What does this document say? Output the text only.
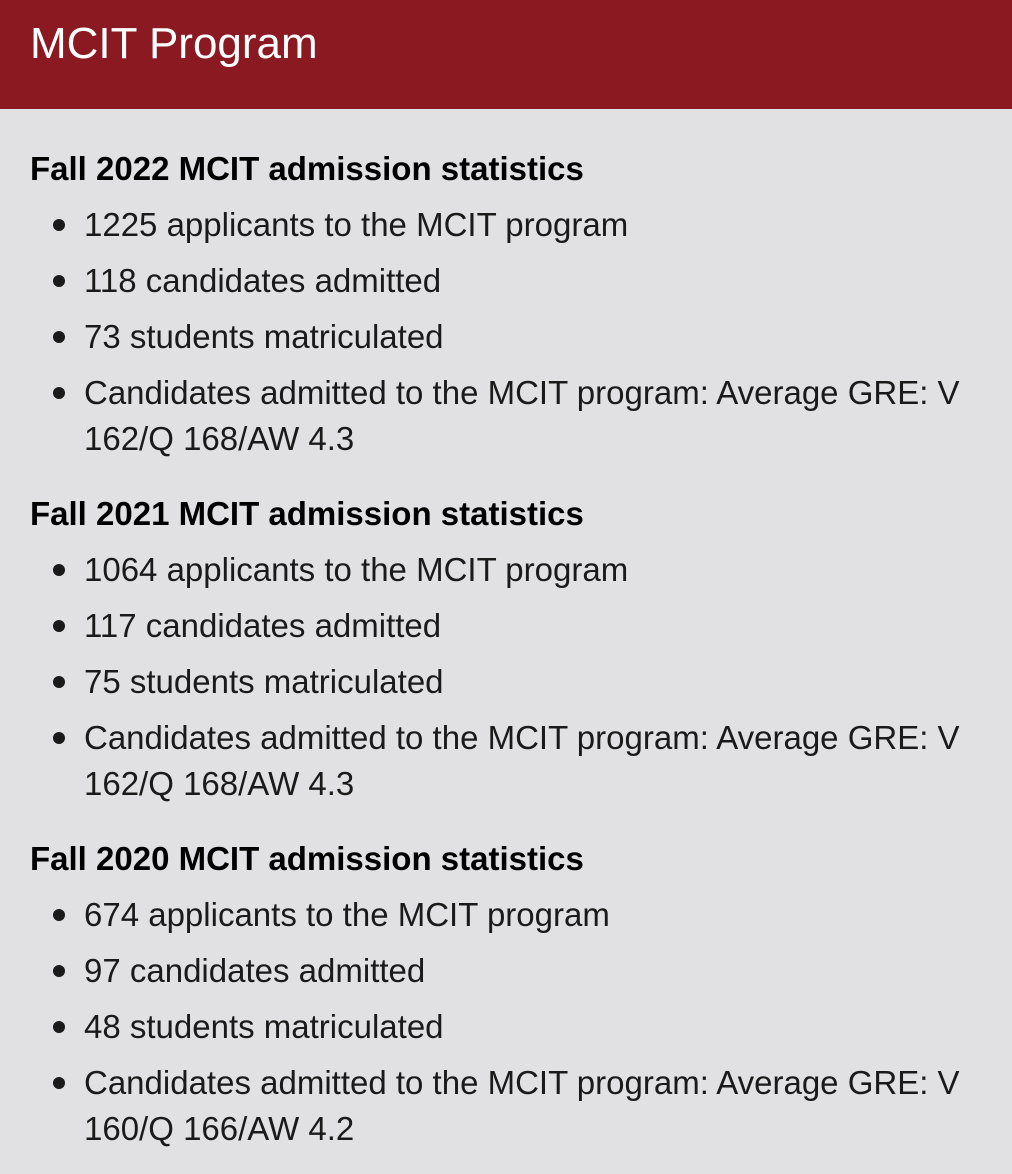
MCIT Program
Fall 2022 MCIT admission statistics
1225 applicants to the MCIT program
118 candidates admitted
73 students matriculated
Candidates admitted to the MCIT program: Average GRE: V 162/Q 168/AW 4.3
Fall 2021 MCIT admission statistics
1064 applicants to the MCIT program
117 candidates admitted
75 students matriculated
Candidates admitted to the MCIT program: Average GRE: V 162/Q 168/AW 4.3
Fall 2020 MCIT admission statistics
674 applicants to the MCIT program
97 candidates admitted
48 students matriculated
Candidates admitted to the MCIT program: Average GRE: V 160/Q 166/AW 4.2
